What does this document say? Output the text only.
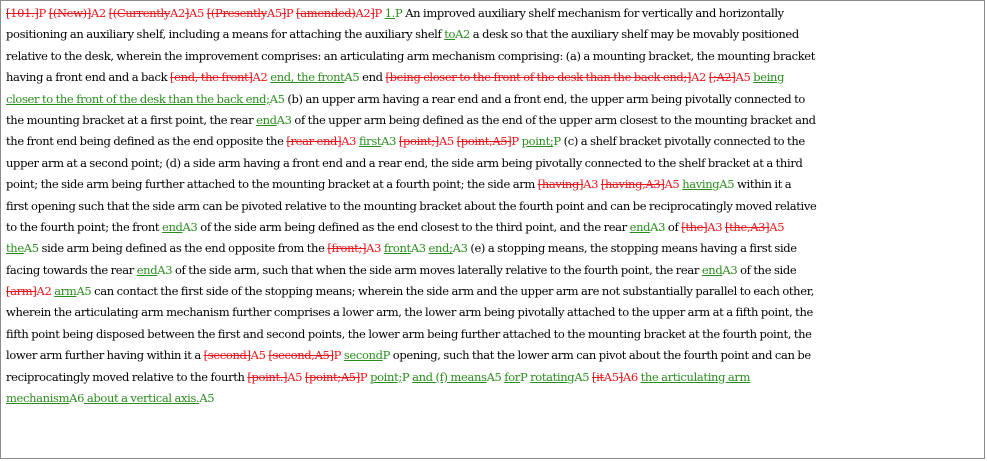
[101.]P [(New)]A2 [(CurrentlyA2]A5 [(PresentlyA5]P [amended)A2]P 1.P An improved auxiliary shelf mechanism for vertically and horizontally
positioning an auxiliary shelf, including a means for attaching the auxiliary shelf toA2 a desk so that the auxiliary shelf may be movably positioned
relative to the desk, wherein the improvement comprises: an articulating arm mechanism comprising: (a) a mounting bracket, the mounting bracket
having a front end and a back [end, the front]A2 end, the frontA5 end [being closer to the front of the desk than the back end;]A2 [;A2]A5 being
closer to the front of the desk than the back end;A5 (b) an upper arm having a rear end and a front end, the upper arm being pivotally connected to
the mounting bracket at a first point, the rear endA3 of the upper arm being defined as the end of the upper arm closest to the mounting bracket and
the front end being defined as the end opposite the [rear end]A3 firstA3 [point;]A5 [point,A5]P point;P (c) a shelf bracket pivotally connected to the
upper arm at a second point; (d) a side arm having a front end and a rear end, the side arm being pivotally connected to the shelf bracket at a third
point; the side arm being further attached to the mounting bracket at a fourth point; the side arm [having]A3 [having,A3]A5 havingA5 within it a
first opening such that the side arm can be pivoted relative to the mounting bracket about the fourth point and can be reciprocatingly moved relative
to the fourth point; the front endA3 of the side arm being defined as the end closest to the third point, and the rear endA3 of [the]A3 [the,A3]A5
theA5 side arm being defined as the end opposite from the [front;]A3 frontA3 end;A3 (e) a stopping means, the stopping means having a first side
facing towards the rear endA3 of the side arm, such that when the side arm moves laterally relative to the fourth point, the rear endA3 of the side
[arm]A2 armA5 can contact the first side of the stopping means; wherein the side arm and the upper arm are not substantially parallel to each other,
wherein the articulating arm mechanism further comprises a lower arm, the lower arm being pivotally attached to the upper arm at a fifth point, the
fifth point being disposed between the first and second points, the lower arm being further attached to the mounting bracket at the fourth point, the
lower arm further having within it a [second]A5 [second,A5]P secondP opening, such that the lower arm can pivot about the fourth point and can be
reciprocatingly moved relative to the fourth [point.]A5 [point;A5]P point;P and (f) meansA5 forP rotatingA5 [itA5]A6 the articulating arm
mechanismA6 about a vertical axis.A5
